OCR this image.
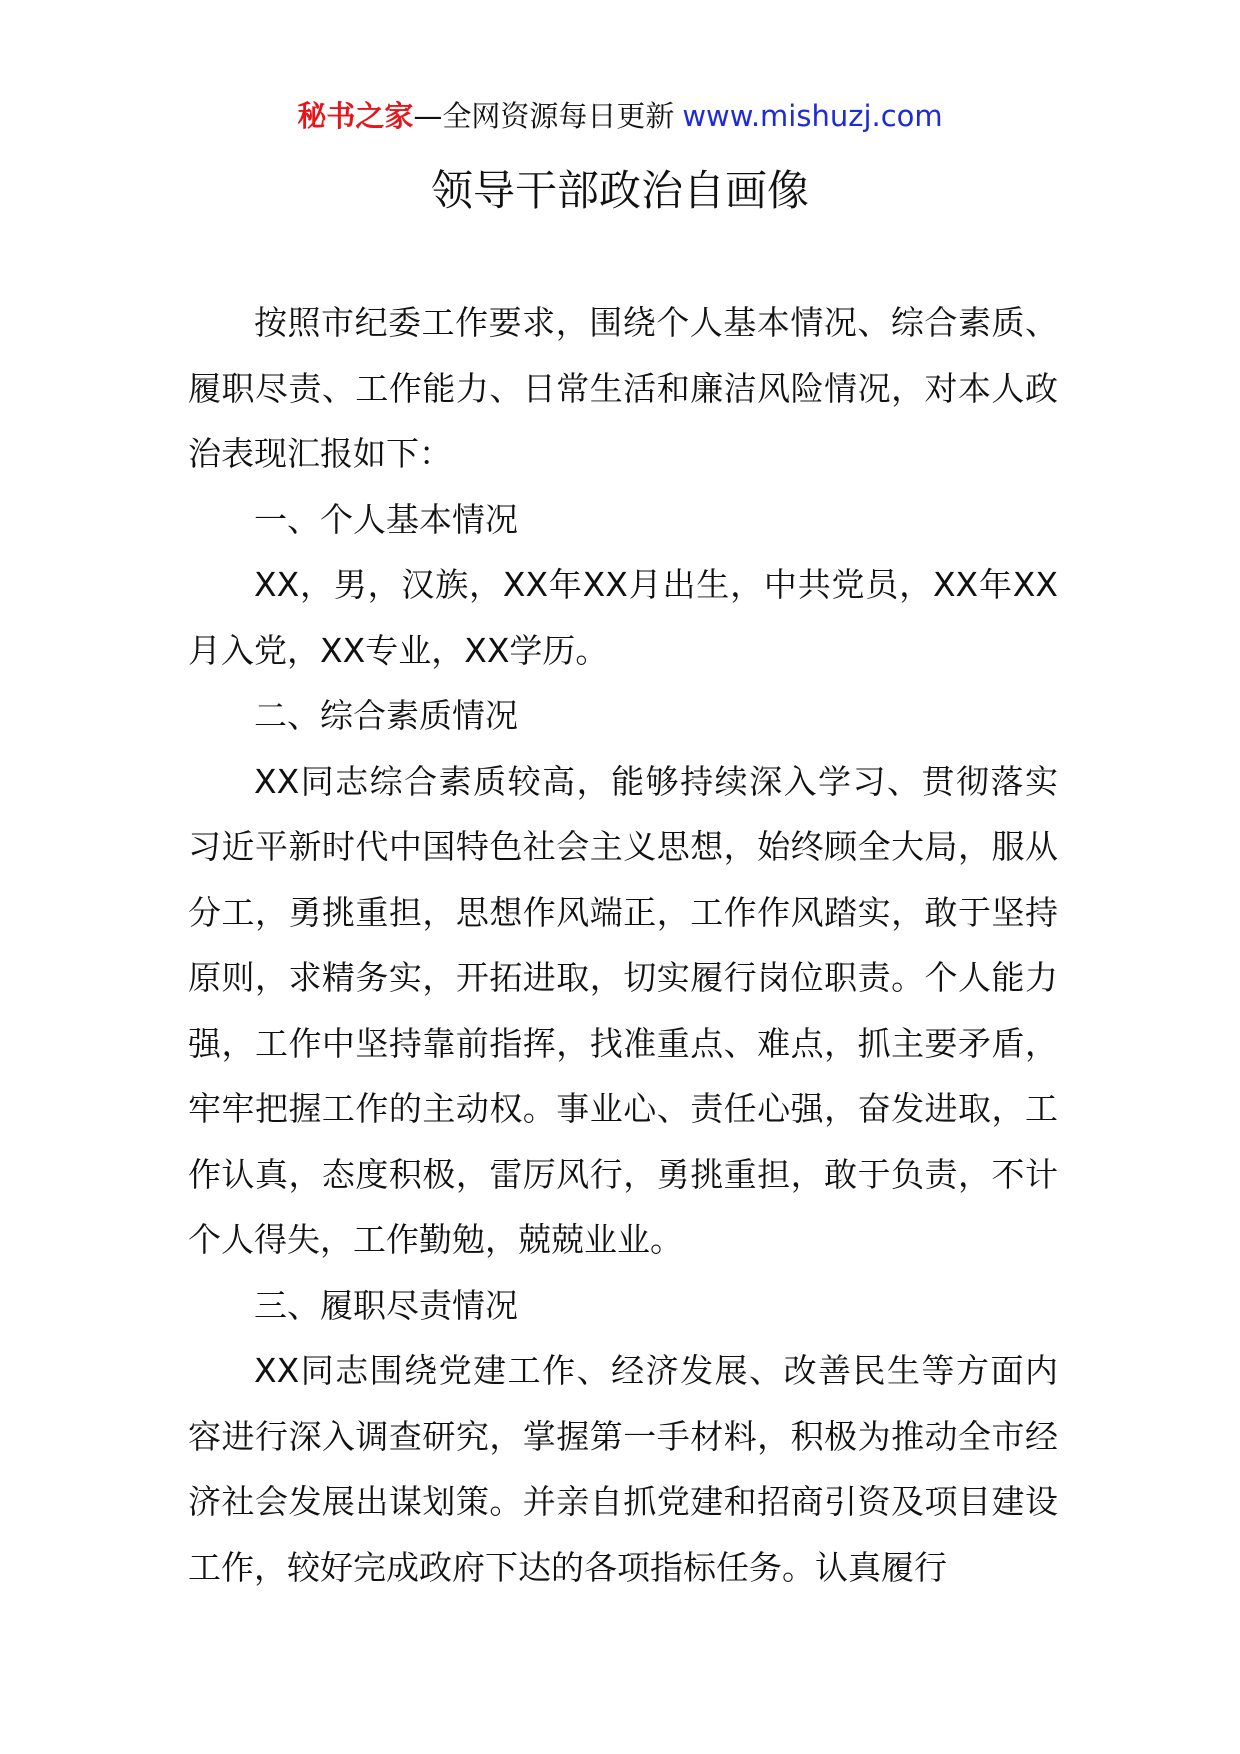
秘书之家—全网资源每日更新 www.mishuzj.com
领导干部政治自画像

按照市纪委工作要求，围绕个人基本情况、综合素质、履职尽责、工作能力、日常生活和廉洁风险情况，对本人政治表现汇报如下：

一、个人基本情况

XX，男，汉族，XX年XX月出生，中共党员，XX年XX月入党，XX专业，XX学历。

二、综合素质情况

XX同志综合素质较高，能够持续深入学习、贯彻落实习近平新时代中国特色社会主义思想，始终顾全大局，服从分工，勇挑重担，思想作风端正，工作作风踏实，敢于坚持原则，求精务实，开拓进取，切实履行岗位职责。个人能力强，工作中坚持靠前指挥，找准重点、难点，抓主要矛盾，牢牢把握工作的主动权。事业心、责任心强，奋发进取，工作认真，态度积极，雷厉风行，勇挑重担，敢于负责，不计个人得失，工作勤勉，兢兢业业。

三、履职尽责情况

XX同志围绕党建工作、经济发展、改善民生等方面内容进行深入调查研究，掌握第一手材料，积极为推动全市经济社会发展出谋划策。并亲自抓党建和招商引资及项目建设工作，较好完成政府下达的各项指标任务。认真履行
